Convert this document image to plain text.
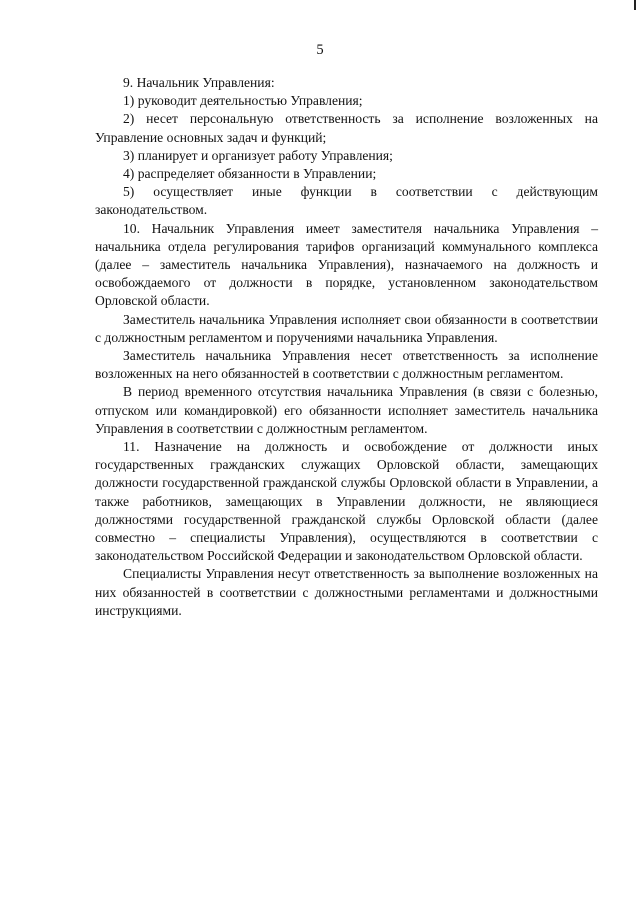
5

9. Начальник Управления:

1) руководит деятельностью Управления;

2) несет персональную ответственность за исполнение возложенных на Управление основных задач и функций;

3) планирует и организует работу Управления;

4) распределяет обязанности в Управлении;

5) осуществляет иные функции в соответствии с действующим законодательством.

10. Начальник Управления имеет заместителя начальника Управления – начальника отдела регулирования тарифов организаций коммунального комплекса (далее – заместитель начальника Управления), назначаемого на должность и освобождаемого от должности в порядке, установленном законодательством Орловской области.

Заместитель начальника Управления исполняет свои обязанности в соответствии с должностным регламентом и поручениями начальника Управления.

Заместитель начальника Управления несет ответственность за исполнение возложенных на него обязанностей в соответствии с должностным регламентом.

В период временного отсутствия начальника Управления (в связи с болезнью, отпуском или командировкой) его обязанности исполняет заместитель начальника Управления в соответствии с должностным регламентом.

11. Назначение на должность и освобождение от должности иных государственных гражданских служащих Орловской области, замещающих должности государственной гражданской службы Орловской области в Управлении, а также работников, замещающих в Управлении должности, не являющиеся должностями государственной гражданской службы Орловской области (далее совместно – специалисты Управления), осуществляются в соответствии с законодательством Российской Федерации и законодательством Орловской области.

Специалисты Управления несут ответственность за выполнение возложенных на них обязанностей в соответствии с должностными регламентами и должностными инструкциями.
